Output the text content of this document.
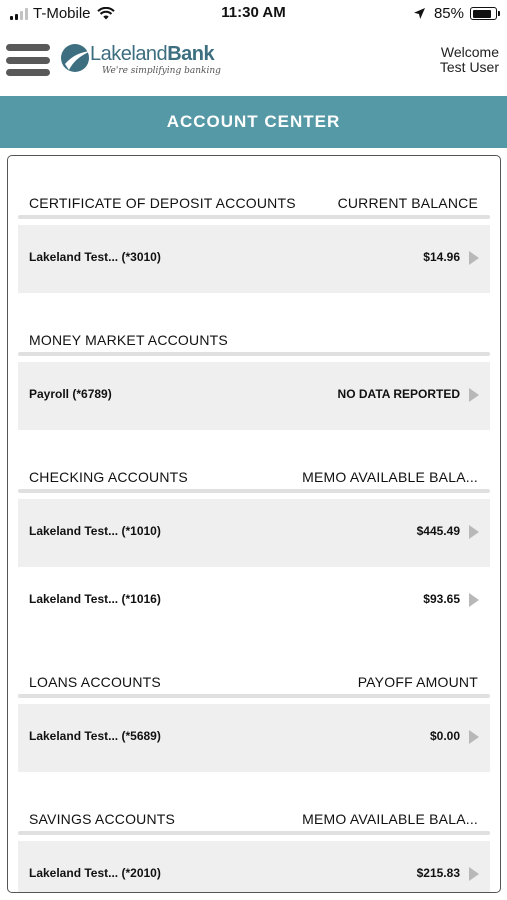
T-Mobile	11:30 AM	85%
LakelandBank
We're simplifying banking
Welcome
Test User
ACCOUNT CENTER
CERTIFICATE OF DEPOSIT ACCOUNTS	CURRENT BALANCE
Lakeland Test... (*3010)	$14.96
MONEY MARKET ACCOUNTS
Payroll (*6789)	NO DATA REPORTED
CHECKING ACCOUNTS	MEMO AVAILABLE BALA...
Lakeland Test... (*1010)	$445.49
Lakeland Test... (*1016)	$93.65
LOANS ACCOUNTS	PAYOFF AMOUNT
Lakeland Test... (*5689)	$0.00
SAVINGS ACCOUNTS	MEMO AVAILABLE BALA...
Lakeland Test... (*2010)	$215.83
